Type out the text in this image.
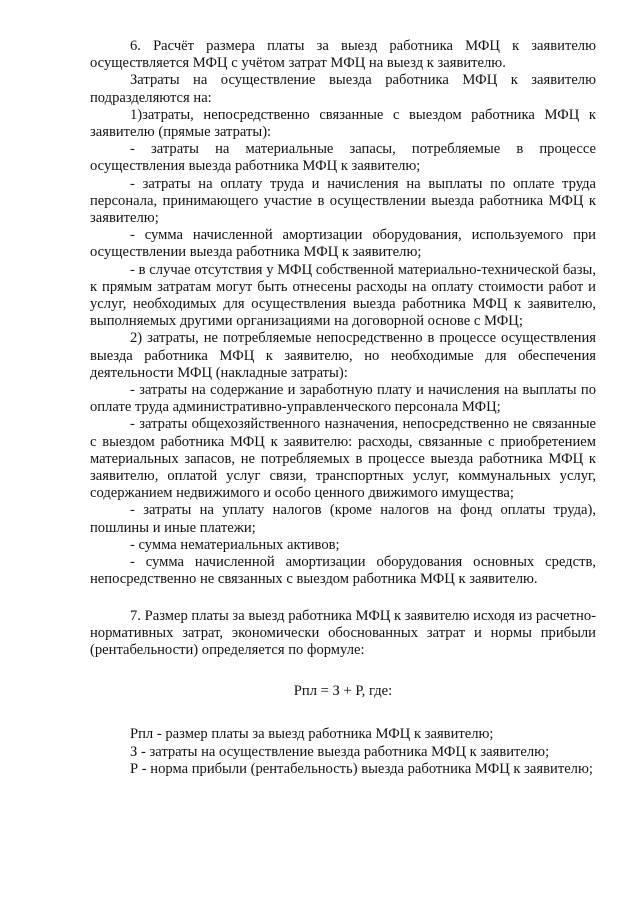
6. Расчёт размера платы за выезд работника МФЦ к заявителю осуществляется МФЦ с учётом затрат МФЦ на выезд к заявителю.

Затраты на осуществление выезда работника МФЦ к заявителю подразделяются на:

1)затраты, непосредственно связанные с выездом работника МФЦ к заявителю (прямые затраты):

- затраты на материальные запасы, потребляемые в процессе осуществления выезда работника МФЦ к заявителю;

- затраты на оплату труда и начисления на выплаты по оплате труда персонала, принимающего участие в осуществлении выезда работника МФЦ к заявителю;

- сумма начисленной амортизации оборудования, используемого при осуществлении выезда работника МФЦ к заявителю;

- в случае отсутствия у МФЦ собственной материально-технической базы, к прямым затратам могут быть отнесены расходы на оплату стоимости работ и услуг, необходимых для осуществления выезда работника МФЦ к заявителю, выполняемых другими организациями на договорной основе с МФЦ;

2) затраты, не потребляемые непосредственно в процессе осуществления выезда работника МФЦ к заявителю, но необходимые для обеспечения деятельности МФЦ (накладные затраты):

- затраты на содержание и заработную плату и начисления на выплаты по оплате труда административно-управленческого персонала МФЦ;

- затраты общехозяйственного назначения, непосредственно не связанные с выездом работника МФЦ к заявителю: расходы, связанные с приобретением материальных запасов, не потребляемых в процессе выезда работника МФЦ к заявителю, оплатой услуг связи, транспортных услуг, коммунальных услуг, содержанием недвижимого и особо ценного движимого имущества;

- затраты на уплату налогов (кроме налогов на фонд оплаты труда), пошлины и иные платежи;

- сумма нематериальных активов;

- сумма начисленной амортизации оборудования основных средств, непосредственно не связанных с выездом работника МФЦ к заявителю.

7. Размер платы за выезд работника МФЦ к заявителю исходя из расчетно-нормативных затрат, экономически обоснованных затрат и нормы прибыли (рентабельности) определяется по формуле:

Рпл = З + Р, где:

Рпл - размер платы за выезд работника МФЦ к заявителю;

З - затраты на осуществление выезда работника МФЦ к заявителю;

Р - норма прибыли (рентабельность) выезда работника МФЦ к заявителю;
